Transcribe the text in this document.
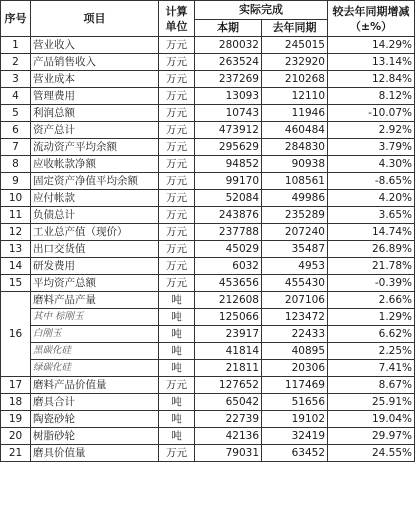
序号	项目	计算单位	实际完成		较去年同期增减（±%）
			本期	去年同期	
1	营业收入	万元	280032	245015	14.29%
2	产品销售收入	万元	263524	232920	13.14%
3	营业成本	万元	237269	210268	12.84%
4	管理费用	万元	13093	12110	8.12%
5	利润总额	万元	10743	11946	-10.07%
6	资产总计	万元	473912	460484	2.92%
7	流动资产平均余额	万元	295629	284830	3.79%
8	应收帐款净额	万元	94852	90938	4.30%
9	固定资产净值平均余额	万元	99170	108561	-8.65%
10	应付帐款	万元	52084	49986	4.20%
11	负债总计	万元	243876	235289	3.65%
12	工业总产值（现价）	万元	237788	207240	14.74%
13	出口交货值	万元	45029	35487	26.89%
14	研发费用	万元	6032	4953	21.78%
15	平均资产总额	万元	453656	455430	-0.39%
16	磨料产品产量	吨	212608	207106	2.66%
	其中 棕刚玉	吨	125066	123472	1.29%
	白刚玉	吨	23917	22433	6.62%
	黑碳化硅	吨	41814	40895	2.25%
	绿碳化硅	吨	21811	20306	7.41%
17	磨料产品价值量	万元	127652	117469	8.67%
18	磨具合计	吨	65042	51656	25.91%
19	陶瓷砂轮	吨	22739	19102	19.04%
20	树脂砂轮	吨	42136	32419	29.97%
21	磨具价值量	万元	79031	63452	24.55%
